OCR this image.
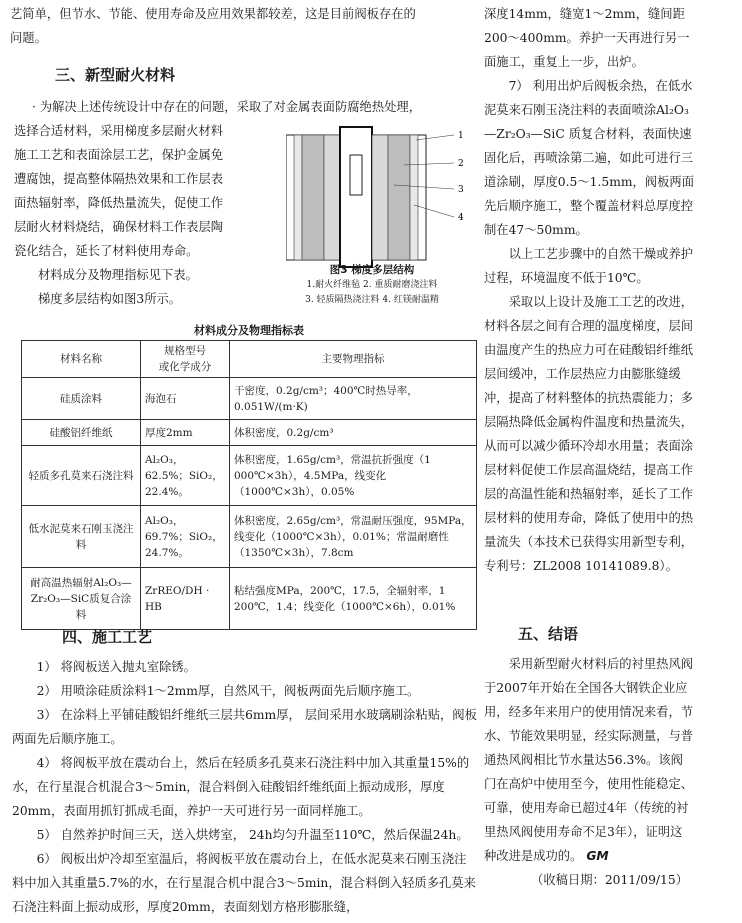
艺简单，但节水、节能、使用寿命及应用效果都较差，这是目前阀板存在的
问题。
三、新型耐火材料
· 为解决上述传统设计中存在的问题，采取了对金属表面防腐绝热处理，
选择合适材料，采用梯度多层耐火材料
施工工艺和表面涂层工艺，保护金属免
遭腐蚀，提高整体隔热效果和工作层表
面热辐射率，降低热量流失，促使工作
层耐火材料烧结，确保材料工作表层陶
瓷化结合，延长了材料使用寿命。
材料成分及物理指标见下表。
梯度多层结构如图3所示。
1
2
3
4
图3 梯度多层结构
1.耐火纤维毡 2. 重质耐磨浇注料
3. 轻质隔热浇注料 4. 红镁耐温精
材料成分及物理指标表
材料名称	规格型号
或化学成分	主要物理指标
硅质涂料	海泡石	干密度，0.2g/cm³；400℃时热导率，0.051W/(m·K)
硅酸铝纤维纸	厚度2mm	体积密度，0.2g/cm³
轻质多孔莫来石浇注料	Al₂O₃，62.5%；SiO₂，22.4%。	体积密度，1.65g/cm³，常温抗折强度（1 000℃×3h），4.5MPa，线变化（1000℃×3h），0.05%
低水泥莫来石刚玉浇注料	Al₂O₃，69.7%；SiO₂，24.7%。	体积密度，2.65g/cm³，常温耐压强度，95MPa，线变化（1000℃×3h），0.01%；常温耐磨性（1350℃×3h），7.8cm
耐高温热辐射Al₂O₃—Zr₂O₃—SiC质复合涂料	ZrREO/DH · HB	粘结强度MPa，200℃，17.5，全辐射率，1 200℃，1.4；线变化（1000℃×6h），0.01%
四、施工工艺

1） 将阀板送入抛丸室除锈。

2） 用喷涂硅质涂料1～2mm厚，自然风干，阀板两面先后顺序施工。

3） 在涂料上平铺硅酸铝纤维纸三层共6mm厚， 层间采用水玻璃刷涂粘贴，阀板两面先后顺序施工。

4） 将阀板平放在震动台上，然后在轻质多孔莫来石浇注料中加入其重量15%的水，在行星混合机混合3～5min，混合料倒入硅酸铝纤维纸面上振动成形，厚度20mm，表面用抓钉抓成毛面，养护一天可进行另一面同样施工。

5） 自然养护时间三天，送入烘烤室， 24h均匀升温至110℃，然后保温24h。

6） 阀板出炉冷却至室温后，将阀板平放在震动台上，在低水泥莫来石刚玉浇注料中加入其重量5.7%的水，在行星混合机中混合3～5min，混合料倒入轻质多孔莫来石浇注料面上振动成形，厚度20mm，表面刻划方格形膨胀缝，

深度14mm，缝宽1～2mm，缝间距200～400mm。养护一天再进行另一面施工，重复上一步，出炉。

7） 利用出炉后阀板余热，在低水泥莫来石刚玉浇注料的表面喷涂Al₂O₃—Zr₂O₃—SiC 质复合材料，表面快速固化后，再喷涂第二遍，如此可进行三道涂刷，厚度0.5～1.5mm，阀板两面先后顺序施工，整个覆盖材料总厚度控制在47～50mm。

以上工艺步骤中的自然干燥或养护过程，环境温度不低于10℃。

采取以上设计及施工工艺的改进，材料各层之间有合理的温度梯度，层间由温度产生的热应力可在硅酸铝纤维纸层间缓冲，工作层热应力由膨胀缝缓冲，提高了材料整体的抗热震能力；多层隔热降低金属构件温度和热量流失，从而可以减少循环冷却水用量；表面涂层材料促使工作层高温烧结，提高工作层的高温性能和热辐射率，延长了工作层材料的使用寿命，降低了使用中的热量流失（本技术已获得实用新型专利，专利号：ZL2008 10141089.8）。

五、结语

采用新型耐火材料后的衬里热风阀于2007年开始在全国各大钢铁企业应用，经多年来用户的使用情况来看，节水、节能效果明显，经实际测量，与普通热风阀相比节水量达56.3%。该阀门在高炉中使用至今，使用性能稳定、可靠，使用寿命已超过4年（传统的衬里热风阀使用寿命不足3年），证明这种改进是成功的。 GM

（收稿日期：2011/09/15）
